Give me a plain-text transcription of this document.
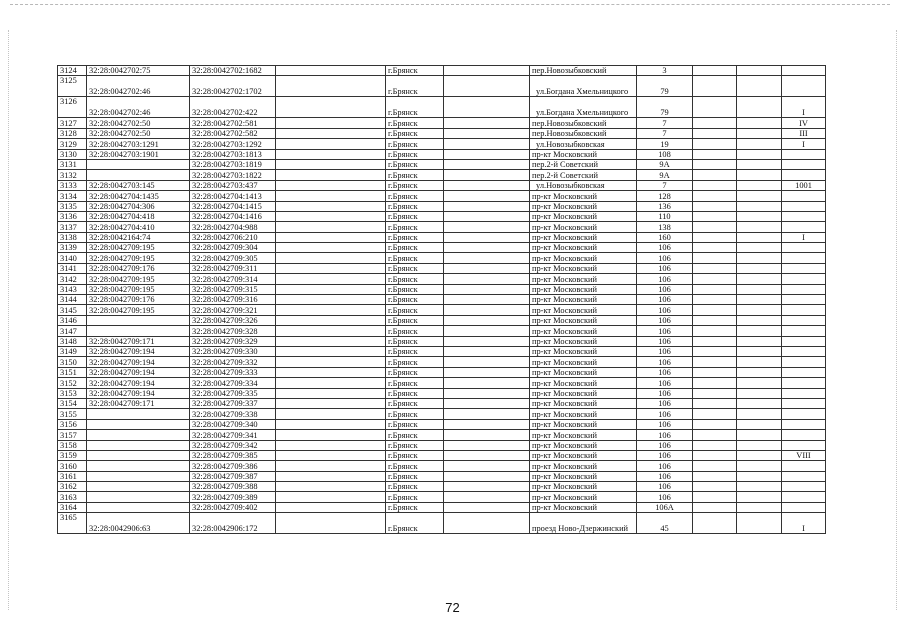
3124	32:28:0042702:75	32:28:0042702:1682		г.Брянск		пер.Новозыбковский	3			
3125	32:28:0042702:46	32:28:0042702:1702		г.Брянск		ул.Богдана Хмельницкого	79			
3126	32:28:0042702:46	32:28:0042702:422		г.Брянск		ул.Богдана Хмельницкого	79			I
3127	32:28:0042702:50	32:28:0042702:581		г.Брянск		пер.Новозыбковский	7			IV
3128	32:28:0042702:50	32:28:0042702:582		г.Брянск		пер.Новозыбковский	7			III
3129	32:28:0042703:1291	32:28:0042703:1292		г.Брянск		ул.Новозыбковская	19			I
3130	32:28:0042703:1901	32:28:0042703:1813		г.Брянск		пр-кт Московский	108			
3131		32:28:0042703:1819		г.Брянск		пер.2-й Советский	9А			
3132		32:28:0042703:1822		г.Брянск		пер.2-й Советский	9А			
3133	32:28:0042703:145	32:28:0042703:437		г.Брянск		ул.Новозыбковская	7			1001
3134	32:28:0042704:1435	32:28:0042704:1413		г.Брянск		пр-кт Московский	128			
3135	32:28:0042704:306	32:28:0042704:1415		г.Брянск		пр-кт Московский	136			
3136	32:28:0042704:418	32:28:0042704:1416		г.Брянск		пр-кт Московский	110			
3137	32:28:0042704:410	32:28:0042704:988		г.Брянск		пр-кт Московский	138			
3138	32:28:0042164:74	32:28:0042706:210		г.Брянск		пр-кт Московский	160			I
3139	32:28:0042709:195	32:28:0042709:304		г.Брянск		пр-кт Московский	106			
3140	32:28:0042709:195	32:28:0042709:305		г.Брянск		пр-кт Московский	106			
3141	32:28:0042709:176	32:28:0042709:311		г.Брянск		пр-кт Московский	106			
3142	32:28:0042709:195	32:28:0042709:314		г.Брянск		пр-кт Московский	106			
3143	32:28:0042709:195	32:28:0042709:315		г.Брянск		пр-кт Московский	106			
3144	32:28:0042709:176	32:28:0042709:316		г.Брянск		пр-кт Московский	106			
3145	32:28:0042709:195	32:28:0042709:321		г.Брянск		пр-кт Московский	106			
3146		32:28:0042709:326		г.Брянск		пр-кт Московский	106			
3147		32:28:0042709:328		г.Брянск		пр-кт Московский	106			
3148	32:28:0042709:171	32:28:0042709:329		г.Брянск		пр-кт Московский	106			
3149	32:28:0042709:194	32:28:0042709:330		г.Брянск		пр-кт Московский	106			
3150	32:28:0042709:194	32:28:0042709:332		г.Брянск		пр-кт Московский	106			
3151	32:28:0042709:194	32:28:0042709:333		г.Брянск		пр-кт Московский	106			
3152	32:28:0042709:194	32:28:0042709:334		г.Брянск		пр-кт Московский	106			
3153	32:28:0042709:194	32:28:0042709:335		г.Брянск		пр-кт Московский	106			
3154	32:28:0042709:171	32:28:0042709:337		г.Брянск		пр-кт Московский	106			
3155		32:28:0042709:338		г.Брянск		пр-кт Московский	106			
3156		32:28:0042709:340		г.Брянск		пр-кт Московский	106			
3157		32:28:0042709:341		г.Брянск		пр-кт Московский	106			
3158		32:28:0042709:342		г.Брянск		пр-кт Московский	106			
3159		32:28:0042709:385		г.Брянск		пр-кт Московский	106			VIII
3160		32:28:0042709:386		г.Брянск		пр-кт Московский	106			
3161		32:28:0042709:387		г.Брянск		пр-кт Московский	106			
3162		32:28:0042709:388		г.Брянск		пр-кт Московский	106			
3163		32:28:0042709:389		г.Брянск		пр-кт Московский	106			
3164		32:28:0042709:402		г.Брянск		пр-кт Московский	106А			
3165	32:28:0042906:63	32:28:0042906:172		г.Брянск		проезд Ново-Дзержинский	45			I
72
